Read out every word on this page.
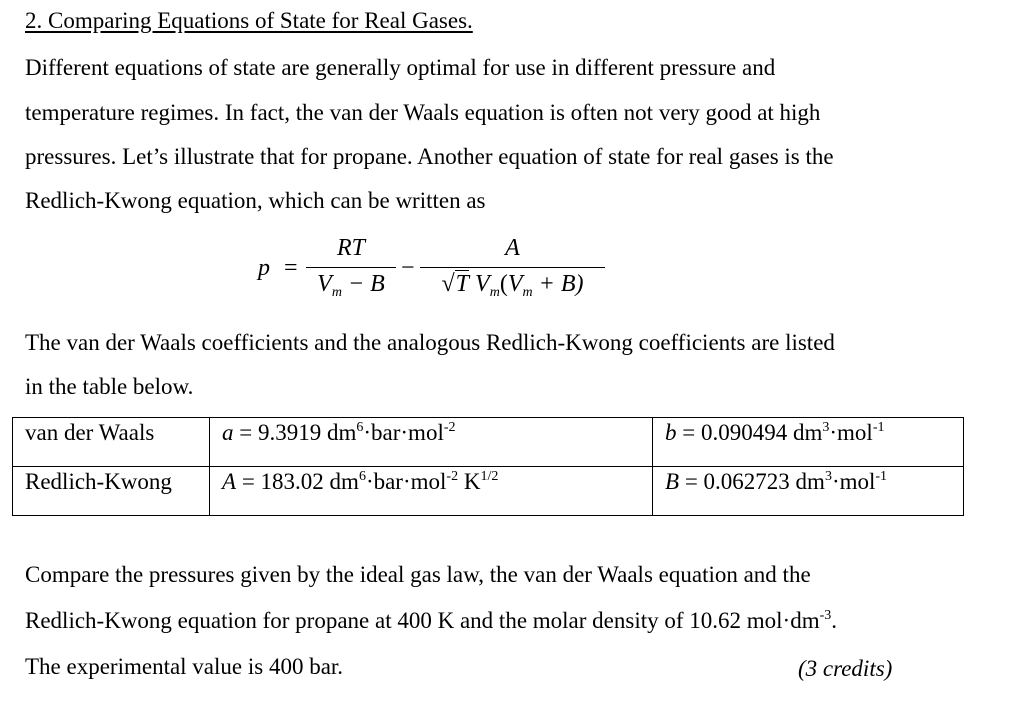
2. Comparing Equations of State for Real Gases.
Different equations of state are generally optimal for use in different pressure and
temperature regimes. In fact, the van der Waals equation is often not very good at high
pressures. Let’s illustrate that for propane. Another equation of state for real gases is the
Redlich-Kwong equation, which can be written as
p =
RT
$V_m - B$
−
A
√T $V_m(V_m + B)$
The van der Waals coefficients and the analogous Redlich-Kwong coefficients are listed
in the table below.
van der Waals	a = 9.3919 $dm^6\cdot bar\cdot mol^{-2}$	b = 0.090494 $dm^3\cdot mol^{-1}$
Redlich-Kwong	A = 183.02 $dm^6\cdot bar\cdot mol^{-2}$ $K^{1/2}$	B = 0.062723 $dm^3\cdot mol^{-1}$
Compare the pressures given by the ideal gas law, the van der Waals equation and the
Redlich-Kwong equation for propane at 400 K and the molar density of 10.62 $mol\cdot dm^{-3}$.
The experimental value is 400 bar.	(3 credits)
